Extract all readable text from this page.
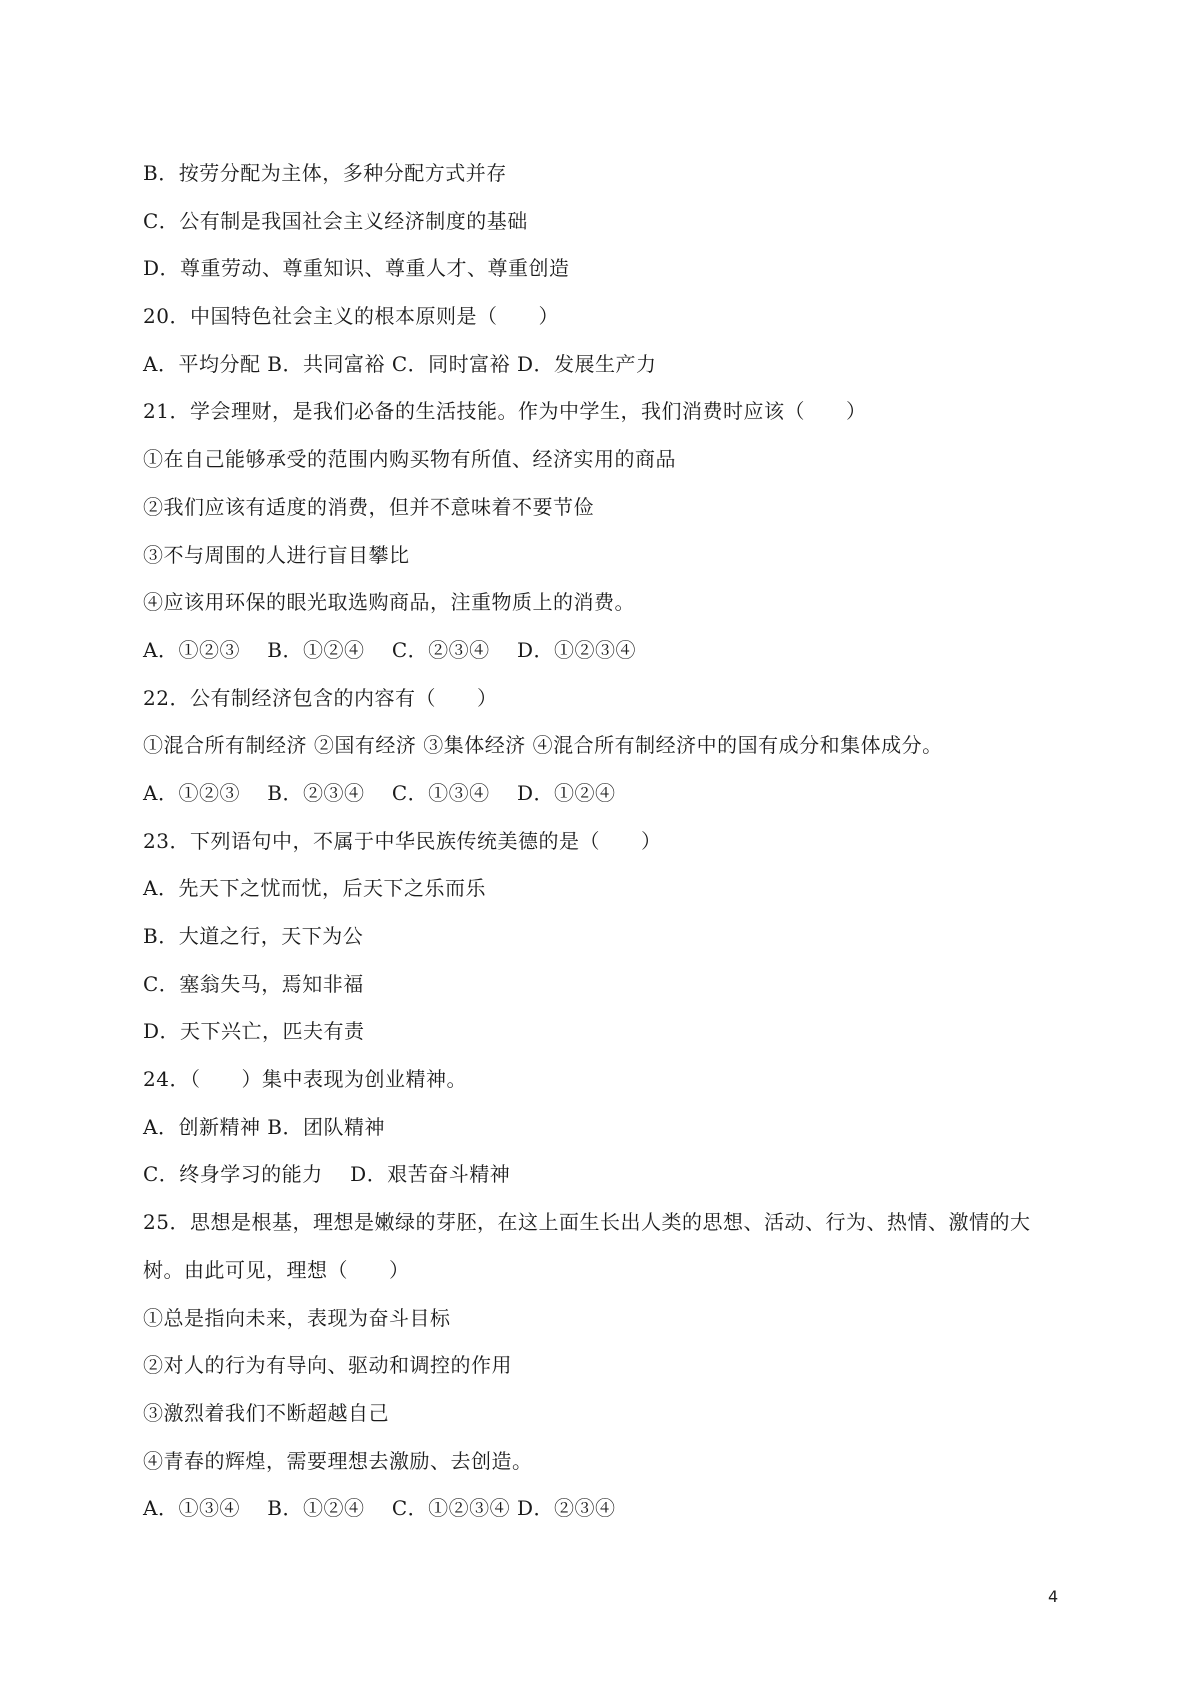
B．按劳分配为主体，多种分配方式并存
C．公有制是我国社会主义经济制度的基础
D．尊重劳动、尊重知识、尊重人才、尊重创造
20．中国特色社会主义的根本原则是（　　）
A．平均分配 B．共同富裕 C．同时富裕 D．发展生产力
21．学会理财，是我们必备的生活技能。作为中学生，我们消费时应该（　　）
①在自己能够承受的范围内购买物有所值、经济实用的商品
②我们应该有适度的消费，但并不意味着不要节俭
③不与周围的人进行盲目攀比
④应该用环保的眼光取选购商品，注重物质上的消费。
A．①②③　 B．①②④　 C．②③④　 D．①②③④
22．公有制经济包含的内容有（　　）
①混合所有制经济 ②国有经济 ③集体经济 ④混合所有制经济中的国有成分和集体成分。
A．①②③　 B．②③④　 C．①③④　 D．①②④
23．下列语句中，不属于中华民族传统美德的是（　　）
A．先天下之忧而忧，后天下之乐而乐
B．大道之行，天下为公
C．塞翁失马，焉知非福
D．天下兴亡，匹夫有责
24．（　　）集中表现为创业精神。
A．创新精神 B．团队精神
C．终身学习的能力　 D．艰苦奋斗精神
25．思想是根基，理想是嫩绿的芽胚，在这上面生长出人类的思想、活动、行为、热情、激情的大
树。由此可见，理想（　　）
①总是指向未来，表现为奋斗目标
②对人的行为有导向、驱动和调控的作用
③激烈着我们不断超越自己
④青春的辉煌，需要理想去激励、去创造。
A．①③④　 B．①②④　 C．①②③④ D．②③④
4
